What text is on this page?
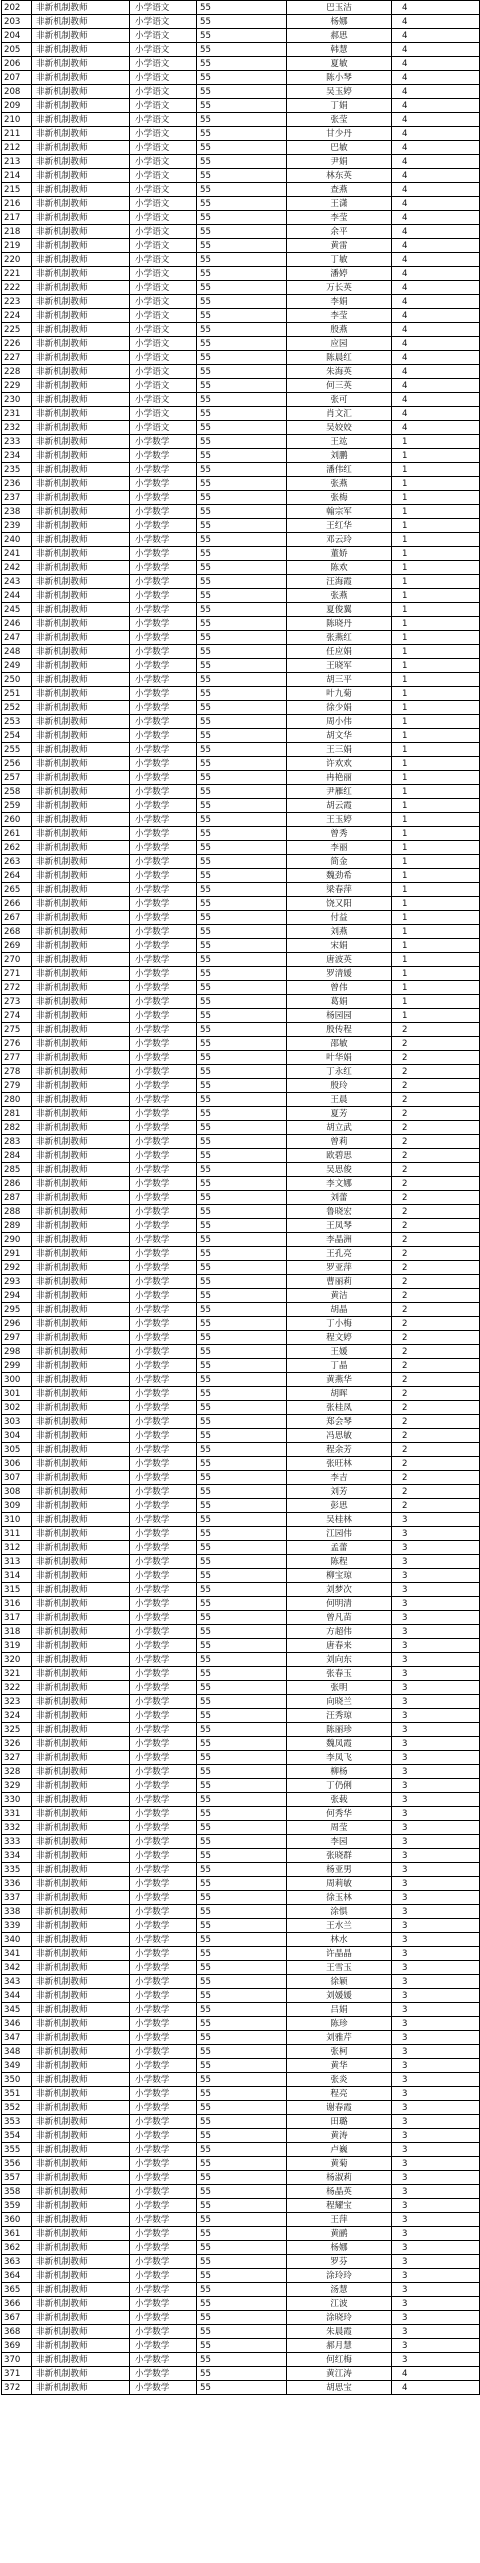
202	非新机制教师	小学语文	55	巴玉洁	4
203	非新机制教师	小学语文	55	杨娜	4
204	非新机制教师	小学语文	55	郝思	4
205	非新机制教师	小学语文	55	韩慧	4
206	非新机制教师	小学语文	55	夏敏	4
207	非新机制教师	小学语文	55	陈小琴	4
208	非新机制教师	小学语文	55	吴玉婷	4
209	非新机制教师	小学语文	55	丁娟	4
210	非新机制教师	小学语文	55	张莹	4
211	非新机制教师	小学语文	55	甘少丹	4
212	非新机制教师	小学语文	55	巴敏	4
213	非新机制教师	小学语文	55	尹娟	4
214	非新机制教师	小学语文	55	林东英	4
215	非新机制教师	小学语文	55	查燕	4
216	非新机制教师	小学语文	55	王潇	4
217	非新机制教师	小学语文	55	李莹	4
218	非新机制教师	小学语文	55	余平	4
219	非新机制教师	小学语文	55	黄雷	4
220	非新机制教师	小学语文	55	丁敏	4
221	非新机制教师	小学语文	55	潘婷	4
222	非新机制教师	小学语文	55	万长英	4
223	非新机制教师	小学语文	55	李娟	4
224	非新机制教师	小学语文	55	李莹	4
225	非新机制教师	小学语文	55	殷燕	4
226	非新机制教师	小学语文	55	应园	4
227	非新机制教师	小学语文	55	陈晨红	4
228	非新机制教师	小学语文	55	朱海英	4
229	非新机制教师	小学语文	55	何三英	4
230	非新机制教师	小学语文	55	张可	4
231	非新机制教师	小学语文	55	肖文汇	4
232	非新机制教师	小学语文	55	吴姣姣	4
233	非新机制教师	小学数学	55	王竑	1
234	非新机制教师	小学数学	55	刘鹏	1
235	非新机制教师	小学数学	55	潘伟红	1
236	非新机制教师	小学数学	55	张燕	1
237	非新机制教师	小学数学	55	张梅	1
238	非新机制教师	小学数学	55	翰宗军	1
239	非新机制教师	小学数学	55	王红华	1
240	非新机制教师	小学数学	55	邓云玲	1
241	非新机制教师	小学数学	55	董娇	1
242	非新机制教师	小学数学	55	陈欢	1
243	非新机制教师	小学数学	55	汪海霞	1
244	非新机制教师	小学数学	55	张燕	1
245	非新机制教师	小学数学	55	夏俊翼	1
246	非新机制教师	小学数学	55	陈晓丹	1
247	非新机制教师	小学数学	55	张燕红	1
248	非新机制教师	小学数学	55	任应娟	1
249	非新机制教师	小学数学	55	王晓军	1
250	非新机制教师	小学数学	55	胡三平	1
251	非新机制教师	小学数学	55	叶九菊	1
252	非新机制教师	小学数学	55	徐少娟	1
253	非新机制教师	小学数学	55	周小伟	1
254	非新机制教师	小学数学	55	胡文华	1
255	非新机制教师	小学数学	55	王三娟	1
256	非新机制教师	小学数学	55	许欢欢	1
257	非新机制教师	小学数学	55	冉艳丽	1
258	非新机制教师	小学数学	55	尹雁红	1
259	非新机制教师	小学数学	55	胡云霞	1
260	非新机制教师	小学数学	55	王玉婷	1
261	非新机制教师	小学数学	55	曾秀	1
262	非新机制教师	小学数学	55	李丽	1
263	非新机制教师	小学数学	55	简金	1
264	非新机制教师	小学数学	55	魏劲希	1
265	非新机制教师	小学数学	55	梁春萍	1
266	非新机制教师	小学数学	55	饶又阳	1
267	非新机制教师	小学数学	55	付益	1
268	非新机制教师	小学数学	55	刘燕	1
269	非新机制教师	小学数学	55	宋娟	1
270	非新机制教师	小学数学	55	唐波英	1
271	非新机制教师	小学数学	55	罗清媛	1
272	非新机制教师	小学数学	55	曾伟	1
273	非新机制教师	小学数学	55	葛娟	1
274	非新机制教师	小学数学	55	杨园园	1
275	非新机制教师	小学数学	55	殷传程	2
276	非新机制教师	小学数学	55	邵敏	2
277	非新机制教师	小学数学	55	叶华娟	2
278	非新机制教师	小学数学	55	丁永红	2
279	非新机制教师	小学数学	55	殷玲	2
280	非新机制教师	小学数学	55	王晨	2
281	非新机制教师	小学数学	55	夏芳	2
282	非新机制教师	小学数学	55	胡立武	2
283	非新机制教师	小学数学	55	曾莉	2
284	非新机制教师	小学数学	55	欧碧思	2
285	非新机制教师	小学数学	55	吴思俊	2
286	非新机制教师	小学数学	55	李文娜	2
287	非新机制教师	小学数学	55	刘蕾	2
288	非新机制教师	小学数学	55	鲁晓宏	2
289	非新机制教师	小学数学	55	王凤琴	2
290	非新机制教师	小学数学	55	李晶洲	2
291	非新机制教师	小学数学	55	王孔亮	2
292	非新机制教师	小学数学	55	罗亚萍	2
293	非新机制教师	小学数学	55	曹丽莉	2
294	非新机制教师	小学数学	55	黄洁	2
295	非新机制教师	小学数学	55	胡晶	2
296	非新机制教师	小学数学	55	丁小梅	2
297	非新机制教师	小学数学	55	程文婷	2
298	非新机制教师	小学数学	55	王媛	2
299	非新机制教师	小学数学	55	丁晶	2
300	非新机制教师	小学数学	55	黄燕华	2
301	非新机制教师	小学数学	55	胡晖	2
302	非新机制教师	小学数学	55	张桂凤	2
303	非新机制教师	小学数学	55	郑会琴	2
304	非新机制教师	小学数学	55	冯思敏	2
305	非新机制教师	小学数学	55	程余芳	2
306	非新机制教师	小学数学	55	张旺林	2
307	非新机制教师	小学数学	55	李吉	2
308	非新机制教师	小学数学	55	刘芳	2
309	非新机制教师	小学数学	55	彭思	2
310	非新机制教师	小学数学	55	吴桂林	3
311	非新机制教师	小学数学	55	江园伟	3
312	非新机制教师	小学数学	55	孟蕾	3
313	非新机制教师	小学数学	55	陈程	3
314	非新机制教师	小学数学	55	柳宝琼	3
315	非新机制教师	小学数学	55	刘梦次	3
316	非新机制教师	小学数学	55	何明清	3
317	非新机制教师	小学数学	55	曾凡苗	3
318	非新机制教师	小学数学	55	方超伟	3
319	非新机制教师	小学数学	55	唐春来	3
320	非新机制教师	小学数学	55	刘向东	3
321	非新机制教师	小学数学	55	张春玉	3
322	非新机制教师	小学数学	55	张明	3
323	非新机制教师	小学数学	55	向晓兰	3
324	非新机制教师	小学数学	55	汪秀琼	3
325	非新机制教师	小学数学	55	陈丽珍	3
326	非新机制教师	小学数学	55	魏凤霞	3
327	非新机制教师	小学数学	55	李凤飞	3
328	非新机制教师	小学数学	55	柳杨	3
329	非新机制教师	小学数学	55	丁仍俐	3
330	非新机制教师	小学数学	55	张载	3
331	非新机制教师	小学数学	55	何秀华	3
332	非新机制教师	小学数学	55	周莹	3
333	非新机制教师	小学数学	55	李园	3
334	非新机制教师	小学数学	55	张晓群	3
335	非新机制教师	小学数学	55	杨亚男	3
336	非新机制教师	小学数学	55	周莉敏	3
337	非新机制教师	小学数学	55	徐玉林	3
338	非新机制教师	小学数学	55	涂惧	3
339	非新机制教师	小学数学	55	王水兰	3
340	非新机制教师	小学数学	55	林水	3
341	非新机制教师	小学数学	55	许晶晶	3
342	非新机制教师	小学数学	55	王雪玉	3
343	非新机制教师	小学数学	55	徐颖	3
344	非新机制教师	小学数学	55	刘媛媛	3
345	非新机制教师	小学数学	55	吕娟	3
346	非新机制教师	小学数学	55	陈珍	3
347	非新机制教师	小学数学	55	刘雅芹	3
348	非新机制教师	小学数学	55	张柯	3
349	非新机制教师	小学数学	55	黄华	3
350	非新机制教师	小学数学	55	张炎	3
351	非新机制教师	小学数学	55	程亮	3
352	非新机制教师	小学数学	55	谢春霞	3
353	非新机制教师	小学数学	55	田璐	3
354	非新机制教师	小学数学	55	黄涛	3
355	非新机制教师	小学数学	55	卢巍	3
356	非新机制教师	小学数学	55	黄菊	3
357	非新机制教师	小学数学	55	杨淑莉	3
358	非新机制教师	小学数学	55	杨晶英	3
359	非新机制教师	小学数学	55	程耀宝	3
360	非新机制教师	小学数学	55	王萍	3
361	非新机制教师	小学数学	55	黄鹂	3
362	非新机制教师	小学数学	55	杨娜	3
363	非新机制教师	小学数学	55	罗芬	3
364	非新机制教师	小学数学	55	涂玲玲	3
365	非新机制教师	小学数学	55	汤慧	3
366	非新机制教师	小学数学	55	江波	3
367	非新机制教师	小学数学	55	涂晓玲	3
368	非新机制教师	小学数学	55	朱晨霞	3
369	非新机制教师	小学数学	55	郝月慧	3
370	非新机制教师	小学数学	55	何红梅	3
371	非新机制教师	小学数学	55	黄江涛	4
372	非新机制教师	小学数学	55	胡思宝	4
